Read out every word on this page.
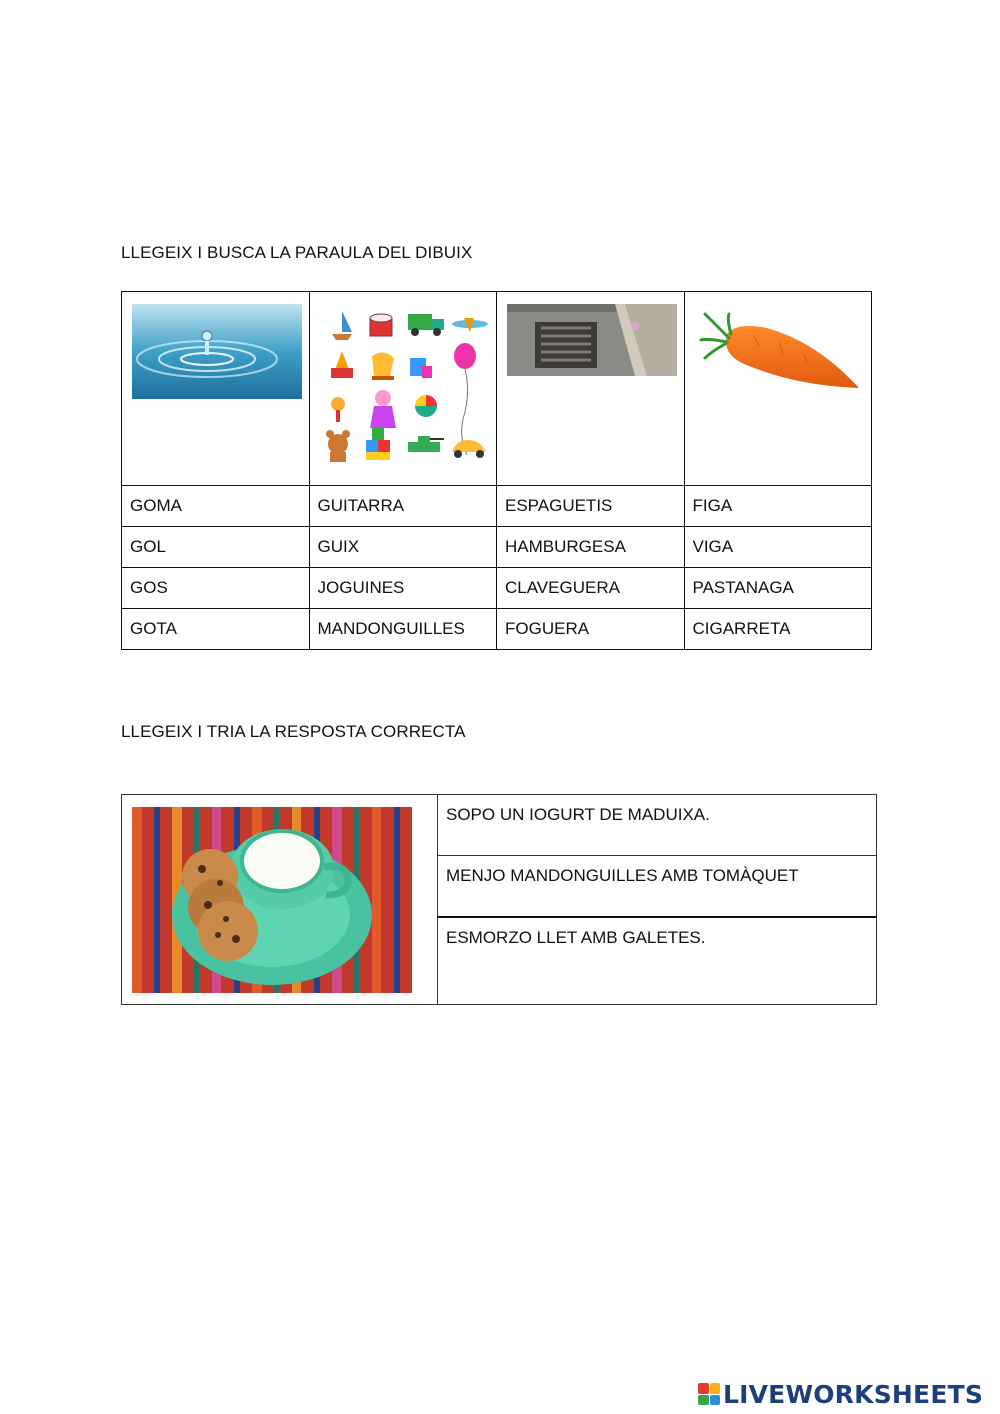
LLEGEIX I BUSCA LA PARAULA DEL DIBUIX

GOMA	GUITARRA	ESPAGUETIS	FIGA
GOL	GUIX	HAMBURGESA	VIGA
GOS	JOGUINES	CLAVEGUERA	PASTANAGA
GOTA	MANDONGUILLES	FOGUERA	CIGARRETA
LLEGEIX I TRIA LA RESPOSTA CORRECTA
	SOPO UN IOGURT DE MADUIXA.
MENJO MANDONGUILLES AMB TOMÀQUET
ESMORZO LLET AMB GALETES.
LIVEWORKSHEETS
